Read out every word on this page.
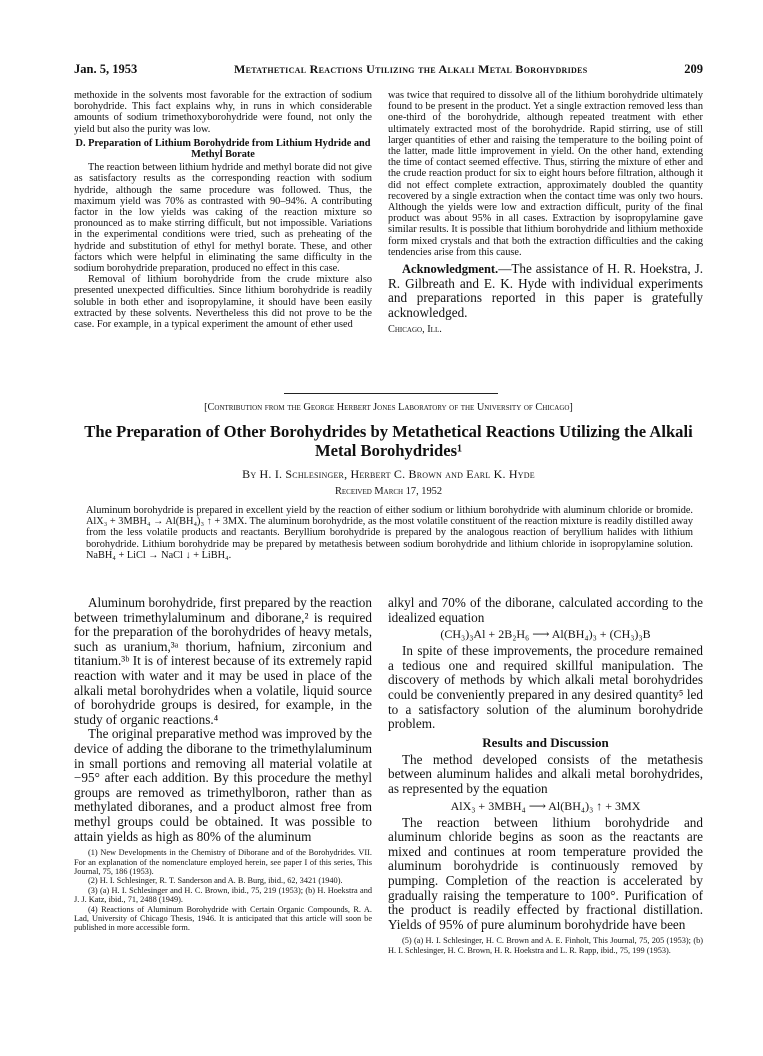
Jan. 5, 1953	Metathetical Reactions Utilizing the Alkali Metal Borohydrides	209

methoxide in the solvents most favorable for the extraction of sodium borohydride. This fact explains why, in runs in which considerable amounts of sodium trimethoxyborohydride were found, not only the yield but also the purity was low.

D. Preparation of Lithium Borohydride from Lithium Hydride and Methyl Borate

The reaction between lithium hydride and methyl borate did not give as satisfactory results as the corresponding reaction with sodium hydride, although the same procedure was followed. Thus, the maximum yield was 70% as contrasted with 90–94%. A contributing factor in the low yields was caking of the reaction mixture so pronounced as to make stirring difficult, but not impossible. Variations in the experimental conditions were tried, such as preheating of the hydride and substitution of ethyl for methyl borate. These, and other factors which were helpful in eliminating the same difficulty in the sodium borohydride preparation, produced no effect in this case.

Removal of lithium borohydride from the crude mixture also presented unexpected difficulties. Since lithium borohydride is readily soluble in both ether and isopropylamine, it should have been easily extracted by these solvents. Nevertheless this did not prove to be the case. For example, in a typical experiment the amount of ether used

was twice that required to dissolve all of the lithium borohydride ultimately found to be present in the product. Yet a single extraction removed less than one-third of the borohydride, although repeated treatment with ether ultimately extracted most of the borohydride. Rapid stirring, use of still larger quantities of ether and raising the temperature to the boiling point of the latter, made little improvement in yield. On the other hand, extending the time of contact seemed effective. Thus, stirring the mixture of ether and the crude reaction product for six to eight hours before filtration, although it did not effect complete extraction, approximately doubled the quantity recovered by a single extraction when the contact time was only two hours. Although the yields were low and extraction difficult, purity of the final product was about 95% in all cases. Extraction by isopropylamine gave similar results. It is possible that lithium borohydride and lithium methoxide form mixed crystals and that both the extraction difficulties and the caking tendencies arise from this cause.

Acknowledgment.—The assistance of H. R. Hoekstra, J. R. Gilbreath and E. K. Hyde with individual experiments and preparations reported in this paper is gratefully acknowledged.

Chicago, Ill.

[Contribution from the George Herbert Jones Laboratory of the University of Chicago]
The Preparation of Other Borohydrides by Metathetical Reactions Utilizing the Alkali Metal Borohydrides¹
By H. I. Schlesinger, Herbert C. Brown and Earl K. Hyde
Received March 17, 1952
Aluminum borohydride is prepared in excellent yield by the reaction of either sodium or lithium borohydride with aluminum chloride or bromide. AlX₃ + 3MBH₄ → Al(BH₄)₃ ↑ + 3MX. The aluminum borohydride, as the most volatile constituent of the reaction mixture is readily distilled away from the less volatile products and reactants. Beryllium borohydride is prepared by the analogous reaction of beryllium halides with lithium borohydride. Lithium borohydride may be prepared by metathesis between sodium borohydride and lithium chloride in isopropylamine solution. NaBH₄ + LiCl → NaCl ↓ + LiBH₄.

Aluminum borohydride, first prepared by the reaction between trimethylaluminum and diborane,² is required for the preparation of the borohydrides of heavy metals, such as uranium,³ᵃ thorium, hafnium, zirconium and titanium.³ᵇ It is of interest because of its extremely rapid reaction with water and it may be used in place of the alkali metal borohydrides when a volatile, liquid source of borohydride groups is desired, for example, in the study of organic reactions.⁴

The original preparative method was improved by the device of adding the diborane to the trimethylaluminum in small portions and removing all material volatile at −95° after each addition. By this procedure the methyl groups are removed as trimethylboron, rather than as methylated diboranes, and a product almost free from methyl groups could be obtained. It was possible to attain yields as high as 80% of the aluminum

(1) New Developments in the Chemistry of Diborane and of the Borohydrides. VII. For an explanation of the nomenclature employed herein, see paper I of this series, This Journal, 75, 186 (1953).

(2) H. I. Schlesinger, R. T. Sanderson and A. B. Burg, ibid., 62, 3421 (1940).

(3) (a) H. I. Schlesinger and H. C. Brown, ibid., 75, 219 (1953); (b) H. Hoekstra and J. J. Katz, ibid., 71, 2488 (1949).

(4) Reactions of Aluminum Borohydride with Certain Organic Compounds, R. A. Lad, University of Chicago Thesis, 1946. It is anticipated that this article will soon be published in more accessible form.

alkyl and 70% of the diborane, calculated according to the idealized equation

(CH₃)₃Al + 2B₂H₆ ⟶ Al(BH₄)₃ + (CH₃)₃B

In spite of these improvements, the procedure remained a tedious one and required skillful manipulation. The discovery of methods by which alkali metal borohydrides could be conveniently prepared in any desired quantity⁵ led to a satisfactory solution of the aluminum borohydride problem.

Results and Discussion

The method developed consists of the metathesis between aluminum halides and alkali metal borohydrides, as represented by the equation

AlX₃ + 3MBH₄ ⟶ Al(BH₄)₃ ↑ + 3MX

The reaction between lithium borohydride and aluminum chloride begins as soon as the reactants are mixed and continues at room temperature provided the aluminum borohydride is continuously removed by pumping. Completion of the reaction is accelerated by gradually raising the temperature to 100°. Purification of the product is readily effected by fractional distillation. Yields of 95% of pure aluminum borohydride have been

(5) (a) H. I. Schlesinger, H. C. Brown and A. E. Finholt, This Journal, 75, 205 (1953); (b) H. I. Schlesinger, H. C. Brown, H. R. Hoekstra and L. R. Rapp, ibid., 75, 199 (1953).
